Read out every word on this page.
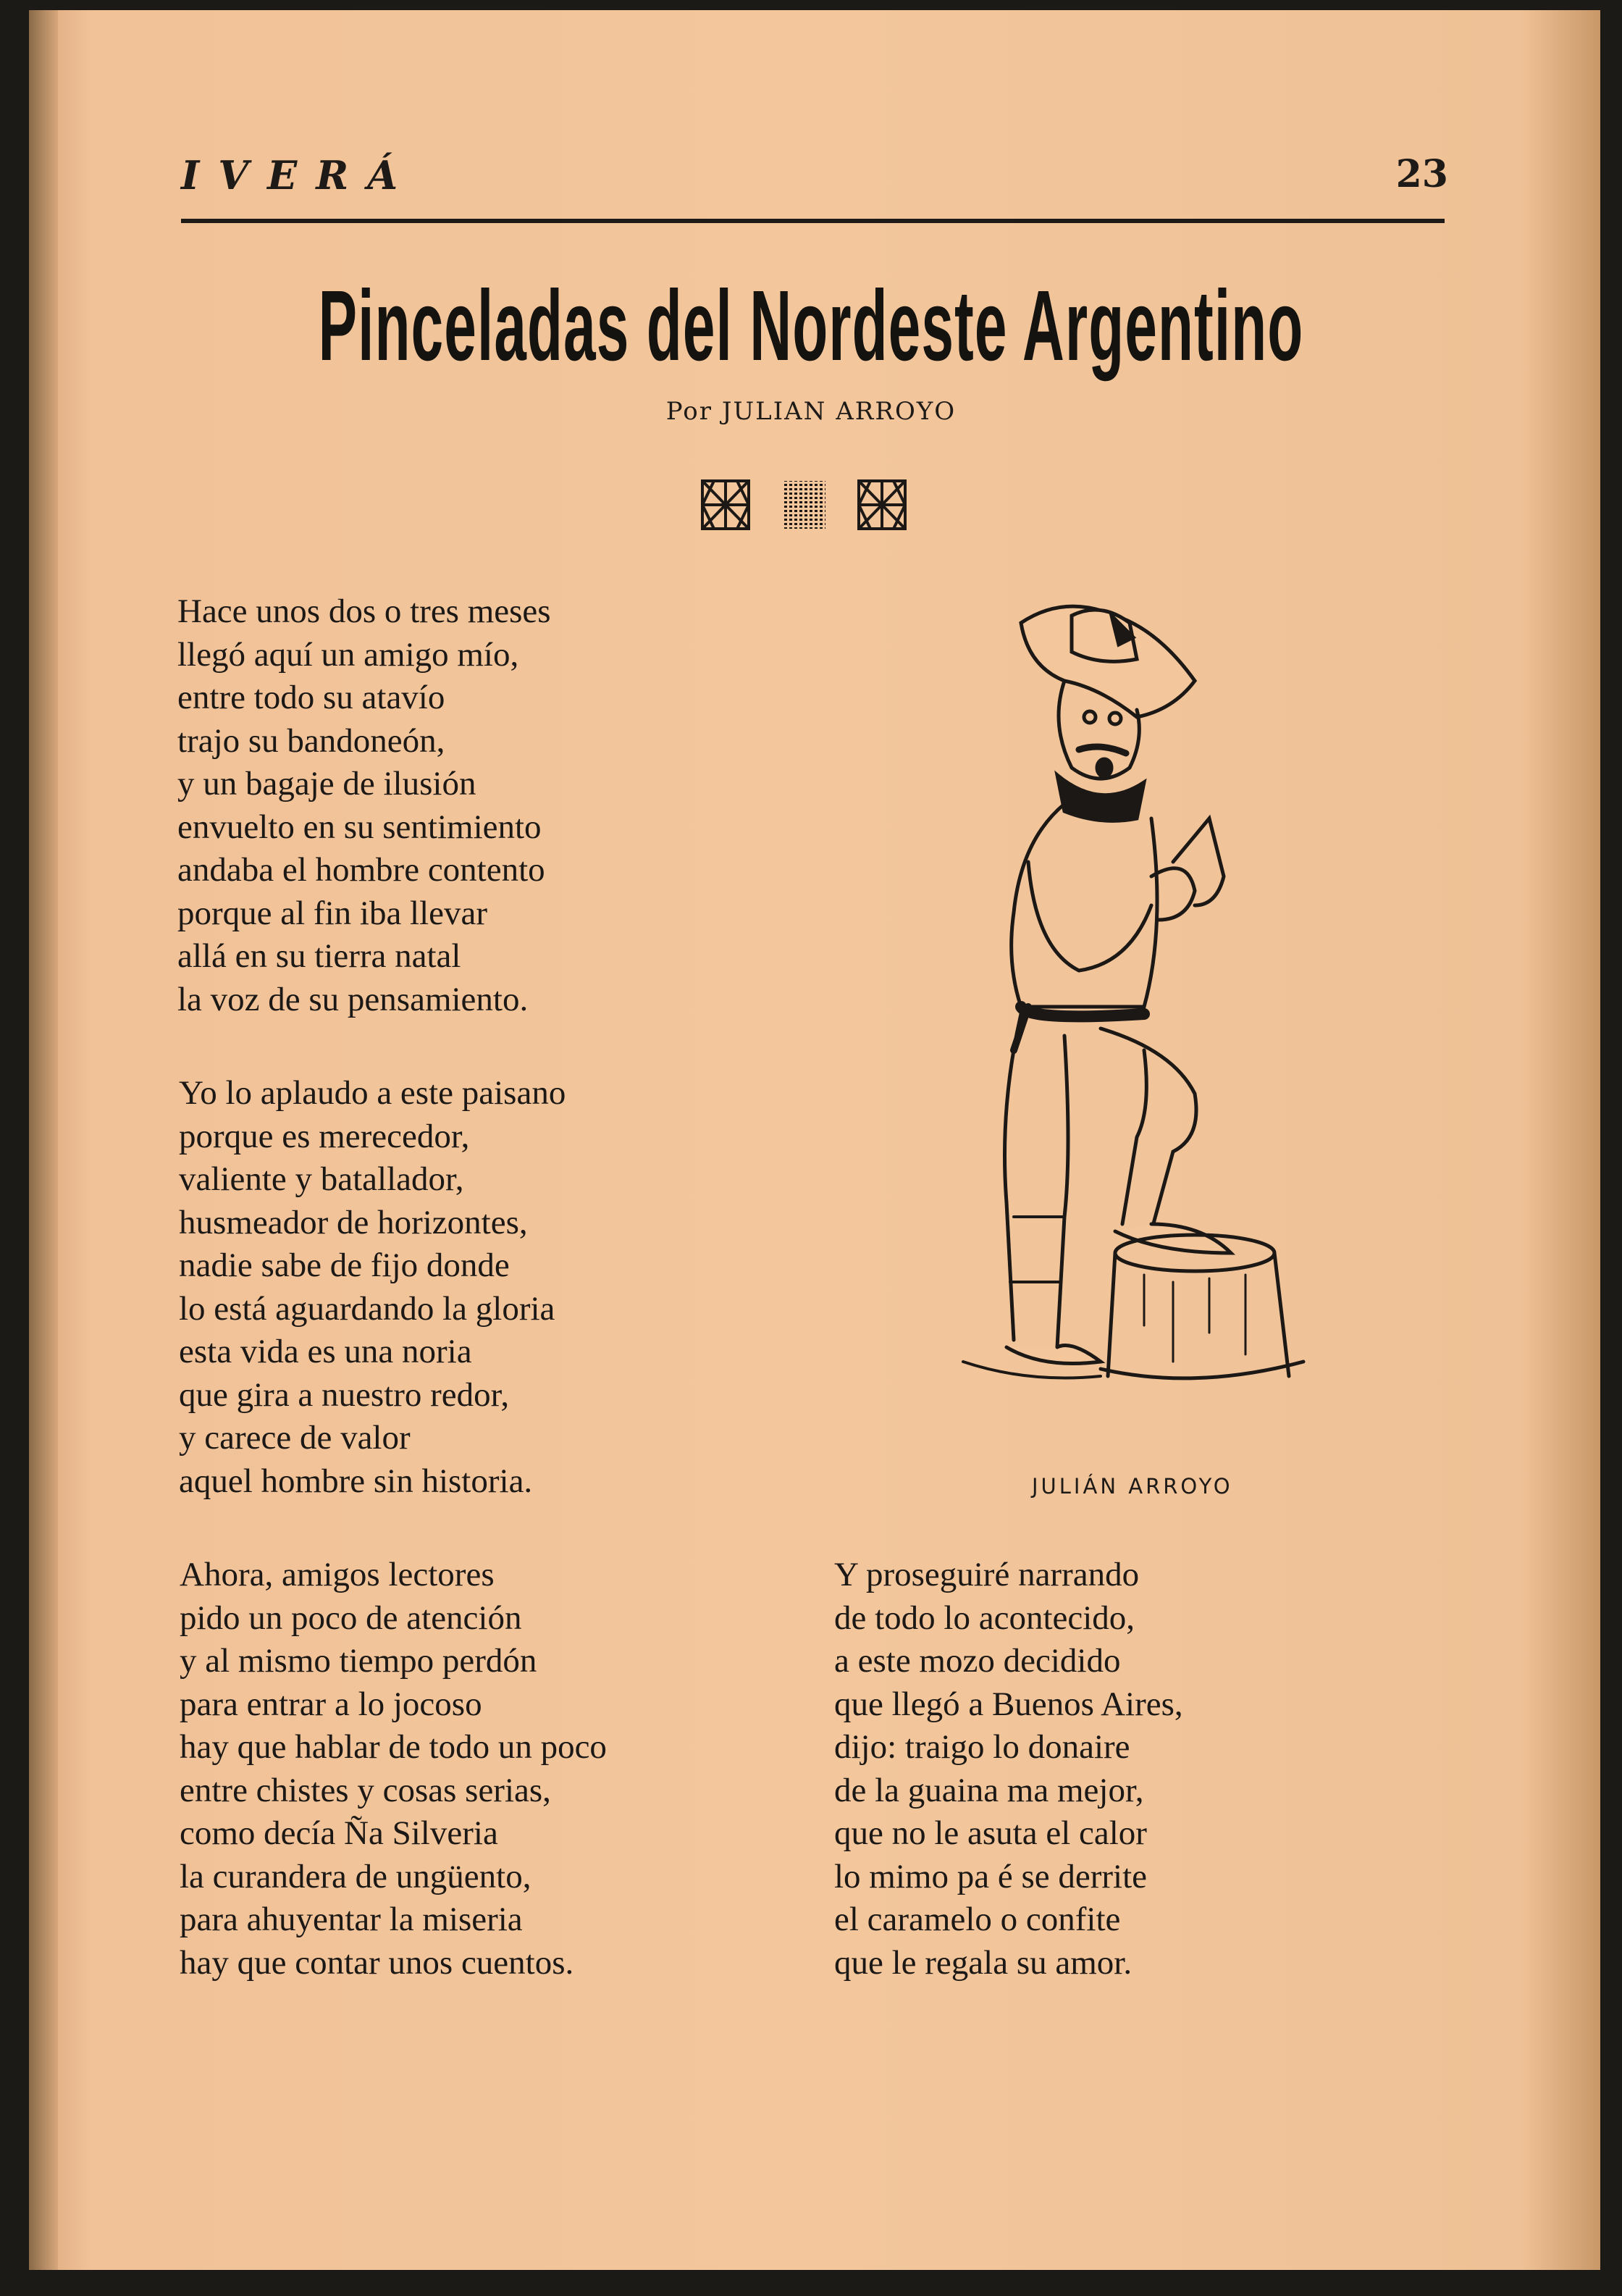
IVERÁ	23
Pinceladas del Nordeste Argentino
Por JULIAN ARROYO
Hace unos dos o tres meses
llegó aquí un amigo mío,
entre todo su atavío
trajo su bandoneón,
y un bagaje de ilusión
envuelto en su sentimiento
andaba el hombre contento
porque al fin iba llevar
allá en su tierra natal
la voz de su pensamiento.
Yo lo aplaudo a este paisano
porque es merecedor,
valiente y batallador,
husmeador de horizontes,
nadie sabe de fijo donde
lo está aguardando la gloria
esta vida es una noria
que gira a nuestro redor,
y carece de valor
aquel hombre sin historia.
Ahora, amigos lectores
pido un poco de atención
y al mismo tiempo perdón
para entrar a lo jocoso
hay que hablar de todo un poco
entre chistes y cosas serias,
como decía Ña Silveria
la curandera de ungüento,
para ahuyentar la miseria
hay que contar unos cuentos.
Y proseguiré narrando
de todo lo acontecido,
a este mozo decidido
que llegó a Buenos Aires,
dijo: traigo lo donaire
de la guaina ma mejor,
que no le asuta el calor
lo mimo pa é se derrite
el caramelo o confite
que le regala su amor.
JULIÁN ARROYO
